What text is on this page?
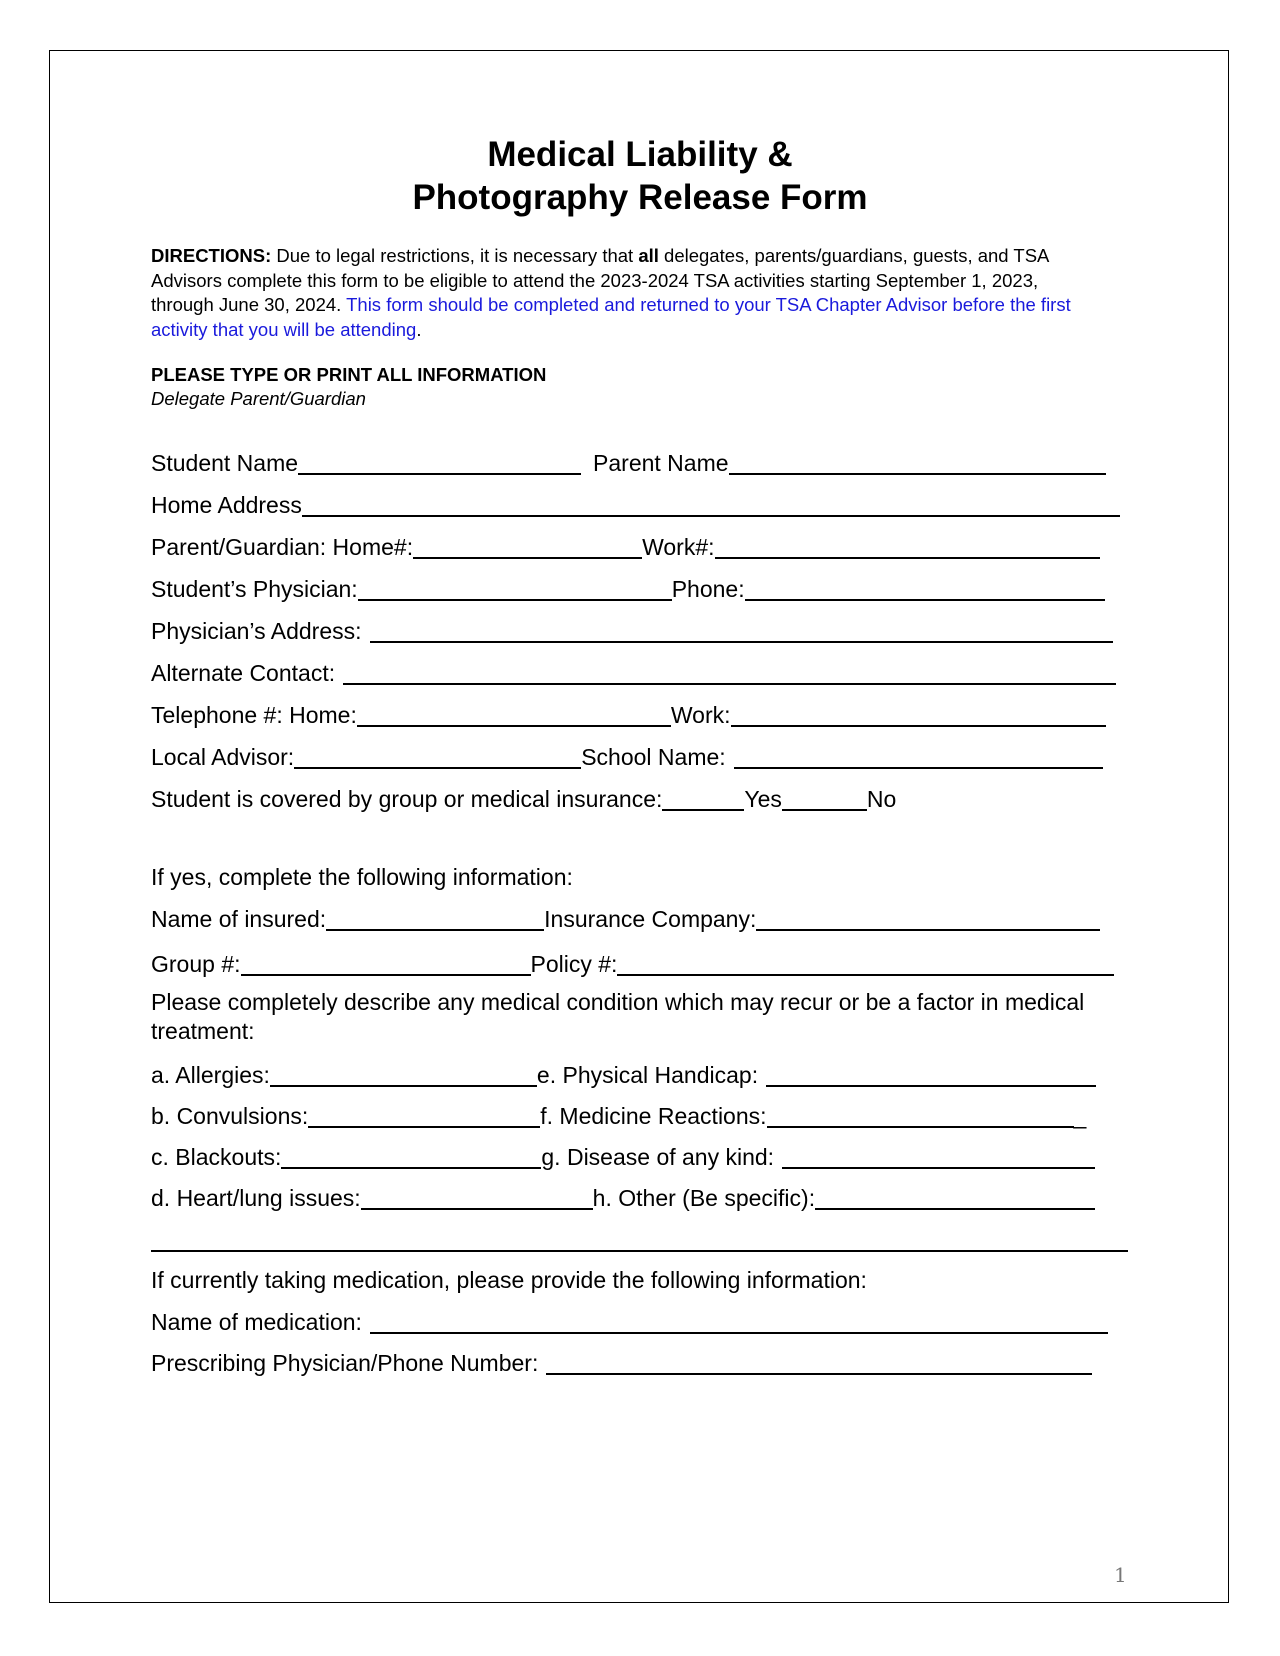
Medical Liability &
Photography Release Form
DIRECTIONS: Due to legal restrictions, it is necessary that all delegates, parents/guardians, guests, and TSA Advisors complete this form to be eligible to attend the 2023-2024 TSA activities starting September 1, 2023, through June 30, 2024. This form should be completed and returned to your TSA Chapter Advisor before the first activity that you will be attending.
PLEASE TYPE OR PRINT ALL INFORMATION
Delegate Parent/Guardian
Student Name	Parent Name
Home Address
Parent/Guardian: Home#:	Work#:
Student’s Physician:	Phone:
Physician’s Address:
Alternate Contact:
Telephone #: Home:	Work:
Local Advisor:	School Name:
Student is covered by group or medical insurance:	Yes	No
If yes, complete the following information:
Name of insured:	Insurance Company:
Group #:	Policy #:
Please completely describe any medical condition which may recur or be a factor in medical treatment:
a. Allergies:	e. Physical Handicap:
b. Convulsions:	f. Medicine Reactions:	_
c. Blackouts:	g. Disease of any kind:
d. Heart/lung issues:	h. Other (Be specific):
If currently taking medication, please provide the following information:
Name of medication:
Prescribing Physician/Phone Number:
1
